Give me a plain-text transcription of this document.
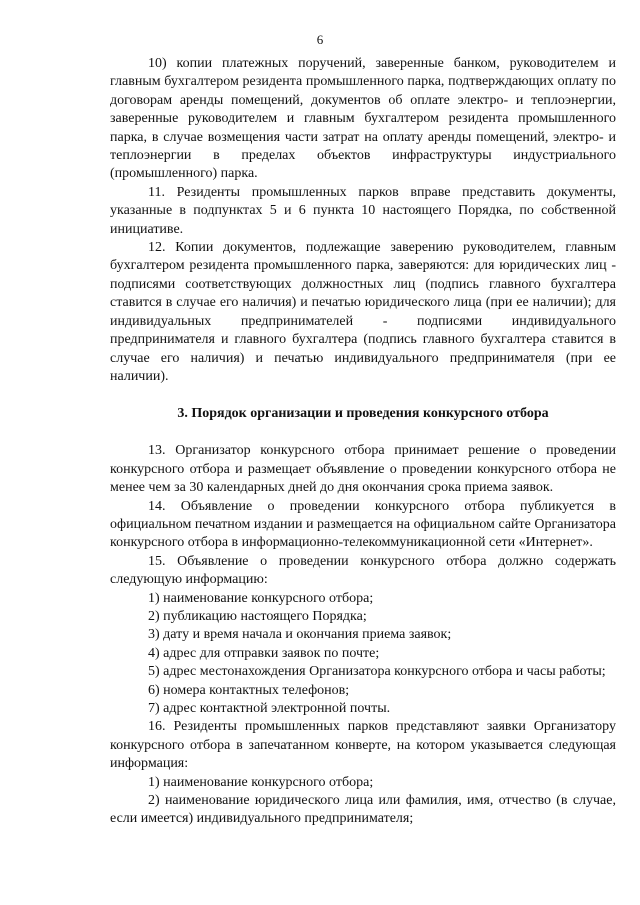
6

10) копии платежных поручений, заверенные банком, руководителем и главным бухгалтером резидента промышленного парка, подтверждающих оплату по договорам аренды помещений, документов об оплате электро- и теплоэнергии, заверенные руководителем и главным бухгалтером резидента промышленного парка, в случае возмещения части затрат на оплату аренды помещений, электро- и теплоэнергии в пределах объектов инфраструктуры индустриального (промышленного) парка.

11. Резиденты промышленных парков вправе представить документы, указанные в подпунктах 5 и 6 пункта 10 настоящего Порядка, по собственной инициативе.

12. Копии документов, подлежащие заверению руководителем, главным бухгалтером резидента промышленного парка, заверяются: для юридических лиц - подписями соответствующих должностных лиц (подпись главного бухгалтера ставится в случае его наличия) и печатью юридического лица (при ее наличии); для индивидуальных предпринимателей - подписями индивидуального предпринимателя и главного бухгалтера (подпись главного бухгалтера ставится в случае его наличия) и печатью индивидуального предпринимателя (при ее наличии).

3. Порядок организации и проведения конкурсного отбора

13. Организатор конкурсного отбора принимает решение о проведении конкурсного отбора и размещает объявление о проведении конкурсного отбора не менее чем за 30 календарных дней до дня окончания срока приема заявок.

14. Объявление о проведении конкурсного отбора публикуется в официальном печатном издании и размещается на официальном сайте Организатора конкурсного отбора в информационно-телекоммуникационной сети «Интернет».

15. Объявление о проведении конкурсного отбора должно содержать следующую информацию:

1) наименование конкурсного отбора;

2) публикацию настоящего Порядка;

3) дату и время начала и окончания приема заявок;

4) адрес для отправки заявок по почте;

5) адрес местонахождения Организатора конкурсного отбора и часы работы;

6) номера контактных телефонов;

7) адрес контактной электронной почты.

16. Резиденты промышленных парков представляют заявки Организатору конкурсного отбора в запечатанном конверте, на котором указывается следующая информация:

1) наименование конкурсного отбора;

2) наименование юридического лица или фамилия, имя, отчество (в случае, если имеется) индивидуального предпринимателя;
